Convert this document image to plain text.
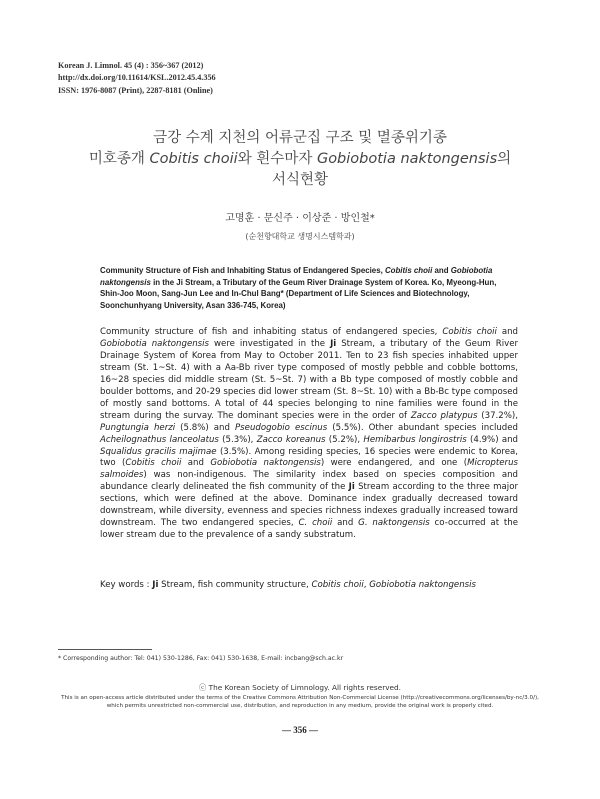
Korean J. Limnol. 45 (4) : 356~367 (2012)
http://dx.doi.org/10.11614/KSL.2012.45.4.356
ISSN: 1976-8087 (Print), 2287-8181 (Online)
금강 수계 지천의 어류군집 구조 및 멸종위기종
미호종개 Cobitis choii와 흰수마자 Gobiobotia naktongensis의
서식현황
고명훈 · 문신주 · 이상준 · 방인철*
(순천향대학교 생명시스템학과)
Community Structure of Fish and Inhabiting Status of Endangered Species, Cobitis choii and Gobiobotia naktongensis in the Ji Stream, a Tributary of the Geum River Drainage System of Korea. Ko, Myeong-Hun, Shin-Joo Moon, Sang-Jun Lee and In-Chul Bang* (Department of Life Sciences and Biotechnology, Soonchunhyang University, Asan 336-745, Korea)
Community structure of fish and inhabiting status of endangered species, Cobitis choii and Gobiobotia naktongensis were investigated in the Ji Stream, a tributary of the Geum River Drainage System of Korea from May to October 2011. Ten to 23 fish species inhabited upper stream (St. 1~St. 4) with a Aa-Bb river type composed of mostly pebble and cobble bottoms, 16~28 species did middle stream (St. 5~St. 7) with a Bb type composed of mostly cobble and boulder bottoms, and 20-29 species did lower stream (St. 8~St. 10) with a Bb-Bc type composed of mostly sand bottoms. A total of 44 species belonging to nine families were found in the stream during the survay. The dominant species were in the order of Zacco platypus (37.2%), Pungtungia herzi (5.8%) and Pseudogobio escinus (5.5%). Other abundant species included Acheilognathus lanceolatus (5.3%), Zacco koreanus (5.2%), Hemibarbus longirostris (4.9%) and Squalidus gracilis majimae (3.5%). Among residing species, 16 species were endemic to Korea, two (Cobitis choii and Gobiobotia naktongensis) were endangered, and one (Micropterus salmoides) was non-indigenous. The similarity index based on species composition and abundance clearly delineated the fish community of the Ji Stream according to the three major sections, which were defined at the above. Dominance index gradually decreased toward downstream, while diversity, evenness and species richness indexes gradually increased toward downstream. The two endangered species, C. choii and G. naktongensis co-occurred at the lower stream due to the prevalence of a sandy substratum.
Key words : Ji Stream, fish community structure, Cobitis choii, Gobiobotia naktongensis
* Corresponding author: Tel: 041) 530-1286, Fax: 041) 530-1638, E-mail: incbang@sch.ac.kr
ⓒ The Korean Society of Limnology. All rights reserved.
This is an open-access article distributed under the terms of the Creative Commons Attribution Non-Commercial License (http://creativecommons.org/licenses/by-nc/3.0/),
which permits unrestricted non-commercial use, distribution, and reproduction in any medium, provide the original work is properly cited.
— 356 —
